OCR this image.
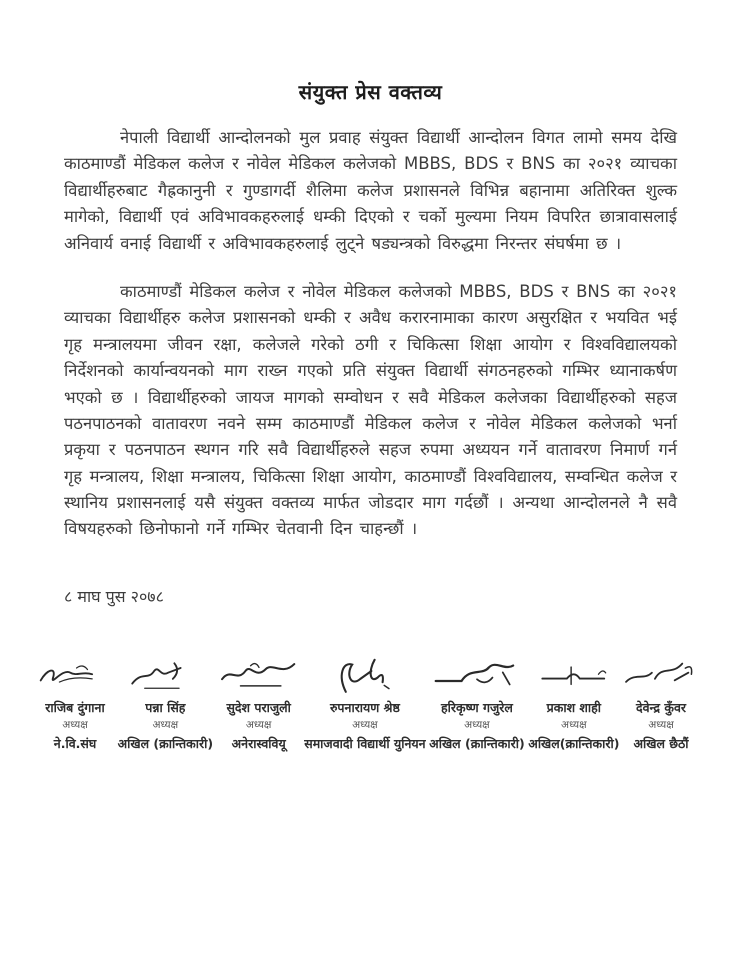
संयुक्त प्रेस वक्तव्य

नेपाली विद्यार्थी आन्दोलनको मुल प्रवाह संयुक्त विद्यार्थी आन्दोलन विगत लामो समय देखि काठमाण्डौं मेडिकल कलेज र नोवेल मेडिकल कलेजको MBBS, BDS र BNS का २०२१ व्याचका विद्यार्थीहरुबाट गैह्रकानुनी र गुण्डागर्दी शैलिमा कलेज प्रशासनले विभिन्न बहानामा अतिरिक्त शुल्क मागेको, विद्यार्थी एवं अविभावकहरुलाई धम्की दिएको र चर्को मुल्यमा नियम विपरित छात्रावासलाई अनिवार्य वनाई विद्यार्थी र अविभावकहरुलाई लुट्ने षड्यन्त्रको विरुद्धमा निरन्तर संघर्षमा छ ।

काठमाण्डौं मेडिकल कलेज र नोवेल मेडिकल कलेजको MBBS, BDS र BNS का २०२१ व्याचका विद्यार्थीहरु कलेज प्रशासनको धम्की र अवैध करारनामाका कारण असुरक्षित र भयवित भई गृह मन्त्रालयमा जीवन रक्षा, कलेजले गरेको ठगी र चिकित्सा शिक्षा आयोग र विश्वविद्यालयको निर्देशनको कार्यान्वयनको माग राख्न गएको प्रति संयुक्त विद्यार्थी संगठनहरुको गम्भिर ध्यानाकर्षण भएको छ । विद्यार्थीहरुको जायज मागको सम्वोधन र सवै मेडिकल कलेजका विद्यार्थीहरुको सहज पठनपाठनको वातावरण नवने सम्म काठमाण्डौं मेडिकल कलेज र नोवेल मेडिकल कलेजको भर्ना प्रकृया र पठनपाठन स्थगन गरि सवै विद्यार्थीहरुले सहज रुपमा अध्ययन गर्ने वातावरण निमार्ण गर्न गृह मन्त्रालय, शिक्षा मन्त्रालय, चिकित्सा शिक्षा आयोग, काठमाण्डौं विश्वविद्यालय, सम्वन्धित कलेज र स्थानिय प्रशासनलाई यसै संयुक्त वक्तव्य मार्फत जोडदार माग गर्दछौं । अन्यथा आन्दोलनले नै सवै विषयहरुको छिनोफानो गर्ने गम्भिर चेतवानी दिन चाहन्छौं ।

८ माघ पुस २०७८
राजिब दुंगाना
अध्यक्ष
ने.वि.संघ
पन्ना सिंह
अध्यक्ष
अखिल (क्रान्तिकारी)
सुदेश पराजुली
अध्यक्ष
अनेरास्ववियू
रुपनारायण श्रेष्ठ
अध्यक्ष
समाजवादी विद्यार्थी युनियन
हरिकृष्ण गजुरेल
अध्यक्ष
अखिल (क्रान्तिकारी)
प्रकाश शाही
अध्यक्ष
अखिल(क्रान्तिकारी)
देवेन्द्र कुँवर
अध्यक्ष
अखिल छैठौं
